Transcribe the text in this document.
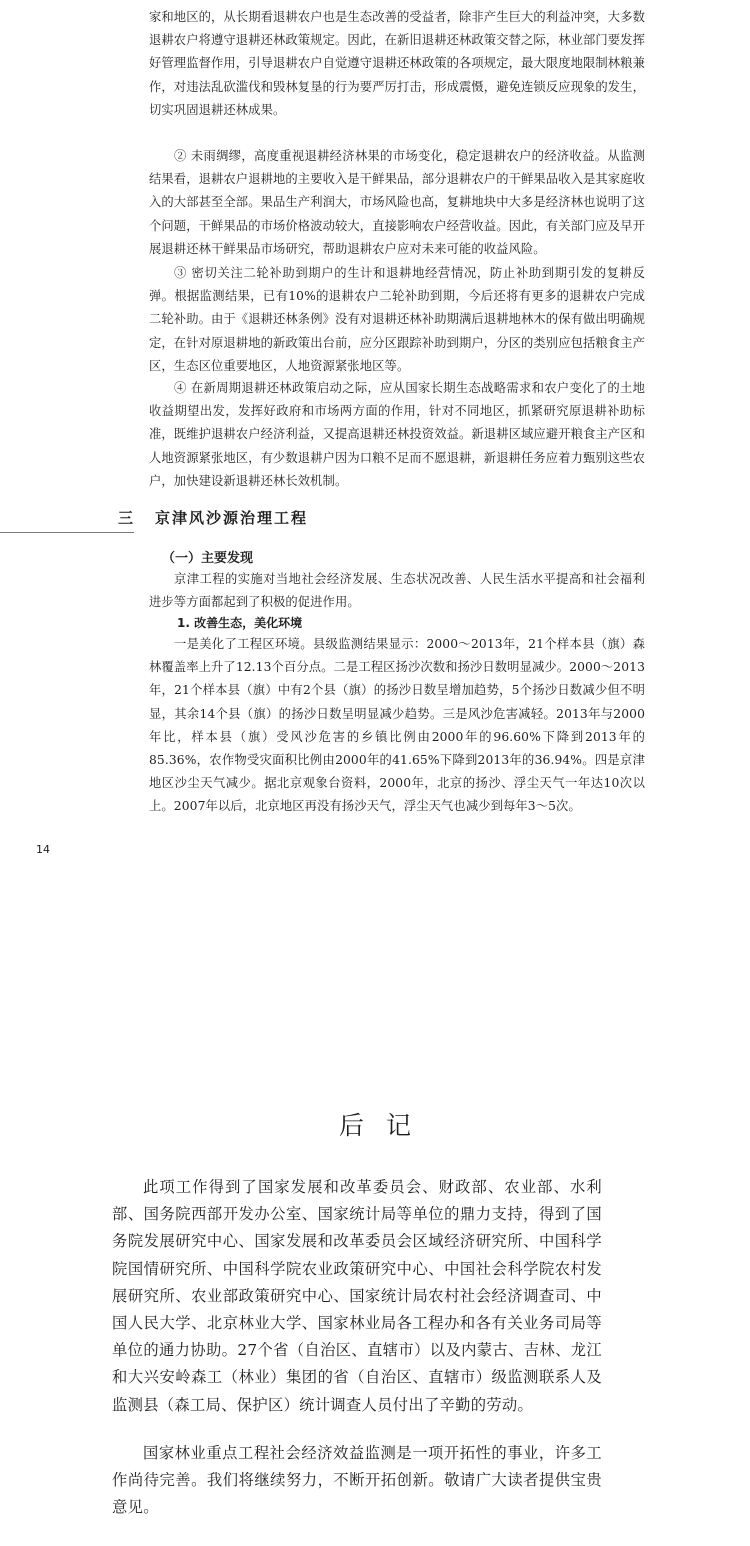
家和地区的，从长期看退耕农户也是生态改善的受益者，除非产生巨大的利益冲突，大多数退耕农户将遵守退耕还林政策规定。因此，在新旧退耕还林政策交替之际，林业部门要发挥好管理监督作用，引导退耕农户自觉遵守退耕还林政策的各项规定，最大限度地限制林粮兼作，对违法乱砍滥伐和毁林复垦的行为要严厉打击，形成震慑，避免连锁反应现象的发生，切实巩固退耕还林成果。

② 未雨绸缪，高度重视退耕经济林果的市场变化，稳定退耕农户的经济收益。从监测结果看，退耕农户退耕地的主要收入是干鲜果品，部分退耕农户的干鲜果品收入是其家庭收入的大部甚至全部。果品生产利润大，市场风险也高，复耕地块中大多是经济林也说明了这个问题，干鲜果品的市场价格波动较大，直接影响农户经营收益。因此，有关部门应及早开展退耕还林干鲜果品市场研究，帮助退耕农户应对未来可能的收益风险。

③ 密切关注二轮补助到期户的生计和退耕地经营情况，防止补助到期引发的复耕反弹。根据监测结果，已有10%的退耕农户二轮补助到期，今后还将有更多的退耕农户完成二轮补助。由于《退耕还林条例》没有对退耕还林补助期满后退耕地林木的保有做出明确规定，在针对原退耕地的新政策出台前，应分区跟踪补助到期户，分区的类别应包括粮食主产区，生态区位重要地区，人地资源紧张地区等。

④ 在新周期退耕还林政策启动之际，应从国家长期生态战略需求和农户变化了的土地收益期望出发，发挥好政府和市场两方面的作用，针对不同地区，抓紧研究原退耕补助标准，既维护退耕农户经济利益，又提高退耕还林投资效益。新退耕区域应避开粮食主产区和人地资源紧张地区，有少数退耕户因为口粮不足而不愿退耕，新退耕任务应着力甄别这些农户，加快建设新退耕还林长效机制。

三 京津风沙源治理工程
（一）主要发现

京津工程的实施对当地社会经济发展、生态状况改善、人民生活水平提高和社会福利进步等方面都起到了积极的促进作用。

1. 改善生态，美化环境

一是美化了工程区环境。县级监测结果显示：2000～2013年，21个样本县（旗）森林覆盖率上升了12.13个百分点。二是工程区扬沙次数和扬沙日数明显减少。2000～2013年，21个样本县（旗）中有2个县（旗）的扬沙日数呈增加趋势，5个扬沙日数减少但不明显，其余14个县（旗）的扬沙日数呈明显减少趋势。三是风沙危害减轻。2013年与2000年比，样本县（旗）受风沙危害的乡镇比例由2000年的96.60%下降到2013年的85.36%，农作物受灾面积比例由2000年的41.65%下降到2013年的36.94%。四是京津地区沙尘天气减少。据北京观象台资料，2000年，北京的扬沙、浮尘天气一年达10次以上。2007年以后，北京地区再没有扬沙天气，浮尘天气也减少到每年3～5次。

14
后记

此项工作得到了国家发展和改革委员会、财政部、农业部、水利部、国务院西部开发办公室、国家统计局等单位的鼎力支持，得到了国务院发展研究中心、国家发展和改革委员会区域经济研究所、中国科学院国情研究所、中国科学院农业政策研究中心、中国社会科学院农村发展研究所、农业部政策研究中心、国家统计局农村社会经济调查司、中国人民大学、北京林业大学、国家林业局各工程办和各有关业务司局等单位的通力协助。27个省（自治区、直辖市）以及内蒙古、吉林、龙江和大兴安岭森工（林业）集团的省（自治区、直辖市）级监测联系人及监测县（森工局、保护区）统计调查人员付出了辛勤的劳动。

国家林业重点工程社会经济效益监测是一项开拓性的事业，许多工作尚待完善。我们将继续努力，不断开拓创新。敬请广大读者提供宝贵意见。
